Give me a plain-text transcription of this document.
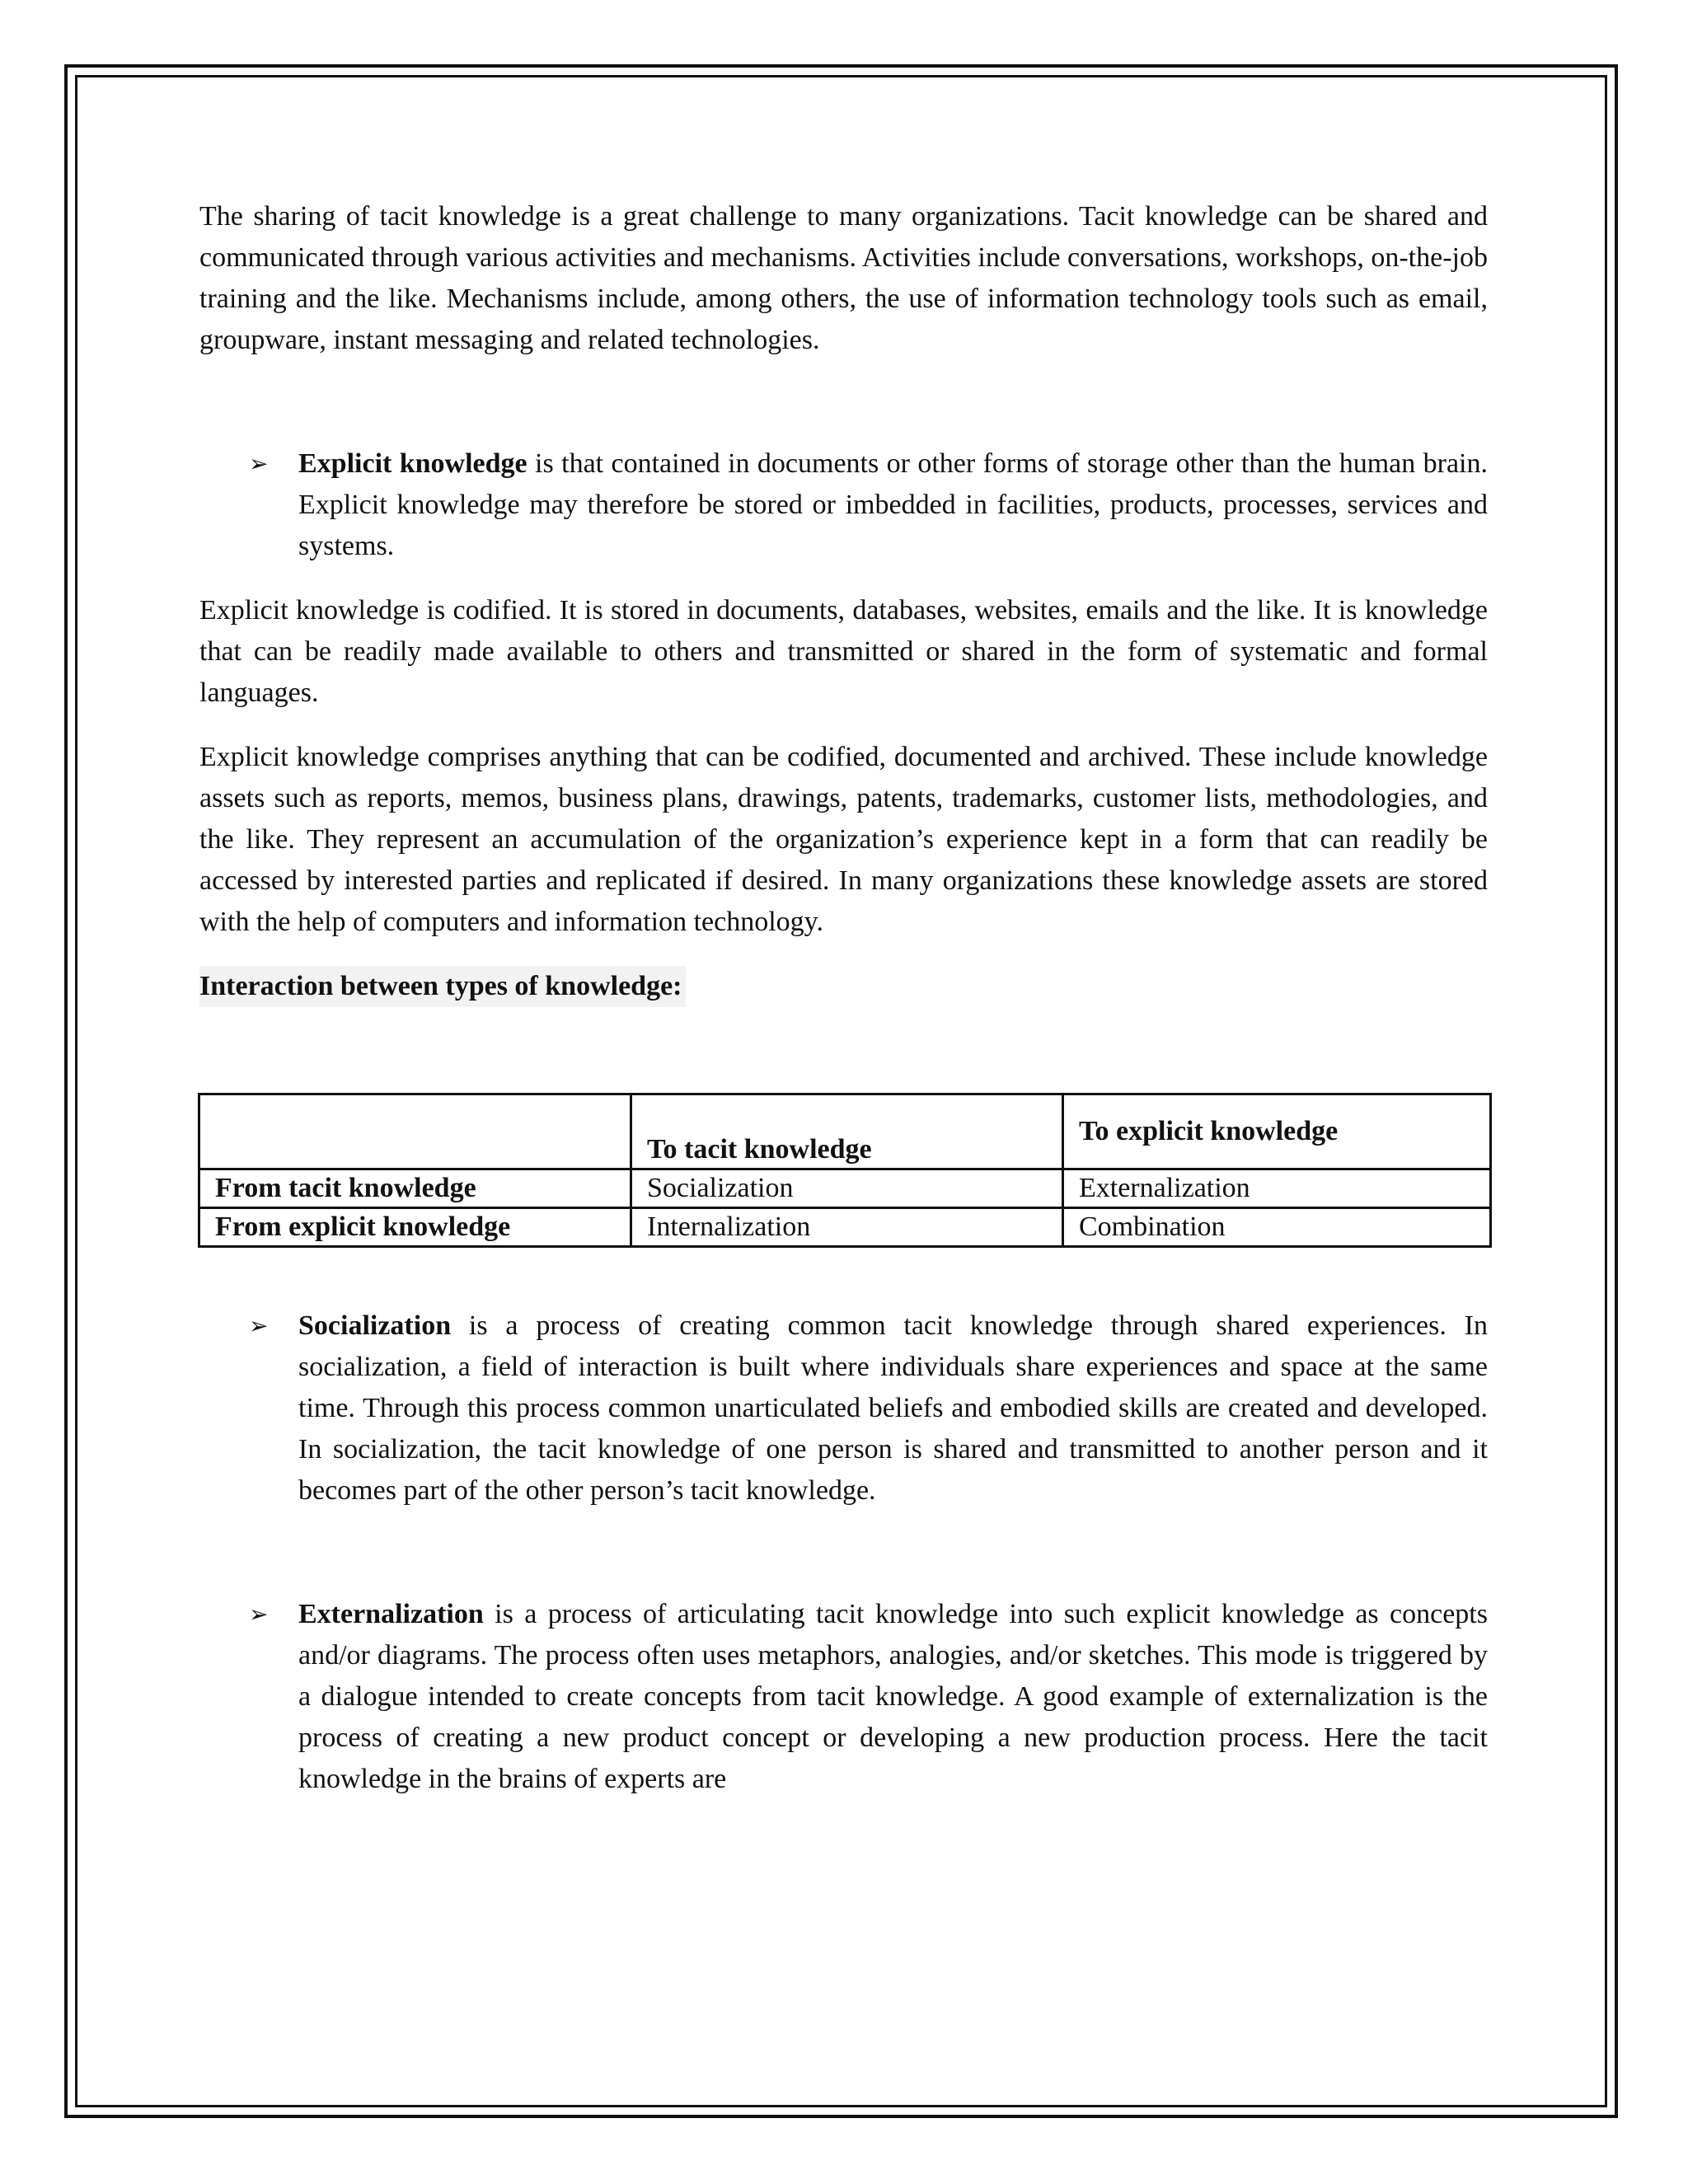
The sharing of tacit knowledge is a great challenge to many organizations. Tacit knowledge can be shared and communicated through various activities and mechanisms. Activities include conversations, workshops, on-the-job training and the like. Mechanisms include, among others, the use of information technology tools such as email, groupware, instant messaging and related technologies.

➢ Explicit knowledge is that contained in documents or other forms of storage other than the human brain. Explicit knowledge may therefore be stored or imbedded in facilities, products, processes, services and systems.

Explicit knowledge is codified. It is stored in documents, databases, websites, emails and the like. It is knowledge that can be readily made available to others and transmitted or shared in the form of systematic and formal languages.

Explicit knowledge comprises anything that can be codified, documented and archived. These include knowledge assets such as reports, memos, business plans, drawings, patents, trademarks, customer lists, methodologies, and the like. They represent an accumulation of the organization’s experience kept in a form that can readily be accessed by interested parties and replicated if desired. In many organizations these knowledge assets are stored with the help of computers and information technology.

Interaction between types of knowledge:
	To tacit knowledge	To explicit knowledge
From tacit knowledge	Socialization	Externalization
From explicit knowledge	Internalization	Combination
➢ Socialization is a process of creating common tacit knowledge through shared experiences. In socialization, a field of interaction is built where individuals share experiences and space at the same time. Through this process common unarticulated beliefs and embodied skills are created and developed. In socialization, the tacit knowledge of one person is shared and transmitted to another person and it becomes part of the other person’s tacit knowledge.
➢ Externalization is a process of articulating tacit knowledge into such explicit knowledge as concepts and/or diagrams. The process often uses metaphors, analogies, and/or sketches. This mode is triggered by a dialogue intended to create concepts from tacit knowledge. A good example of externalization is the process of creating a new product concept or developing a new production process. Here the tacit knowledge in the brains of experts are
